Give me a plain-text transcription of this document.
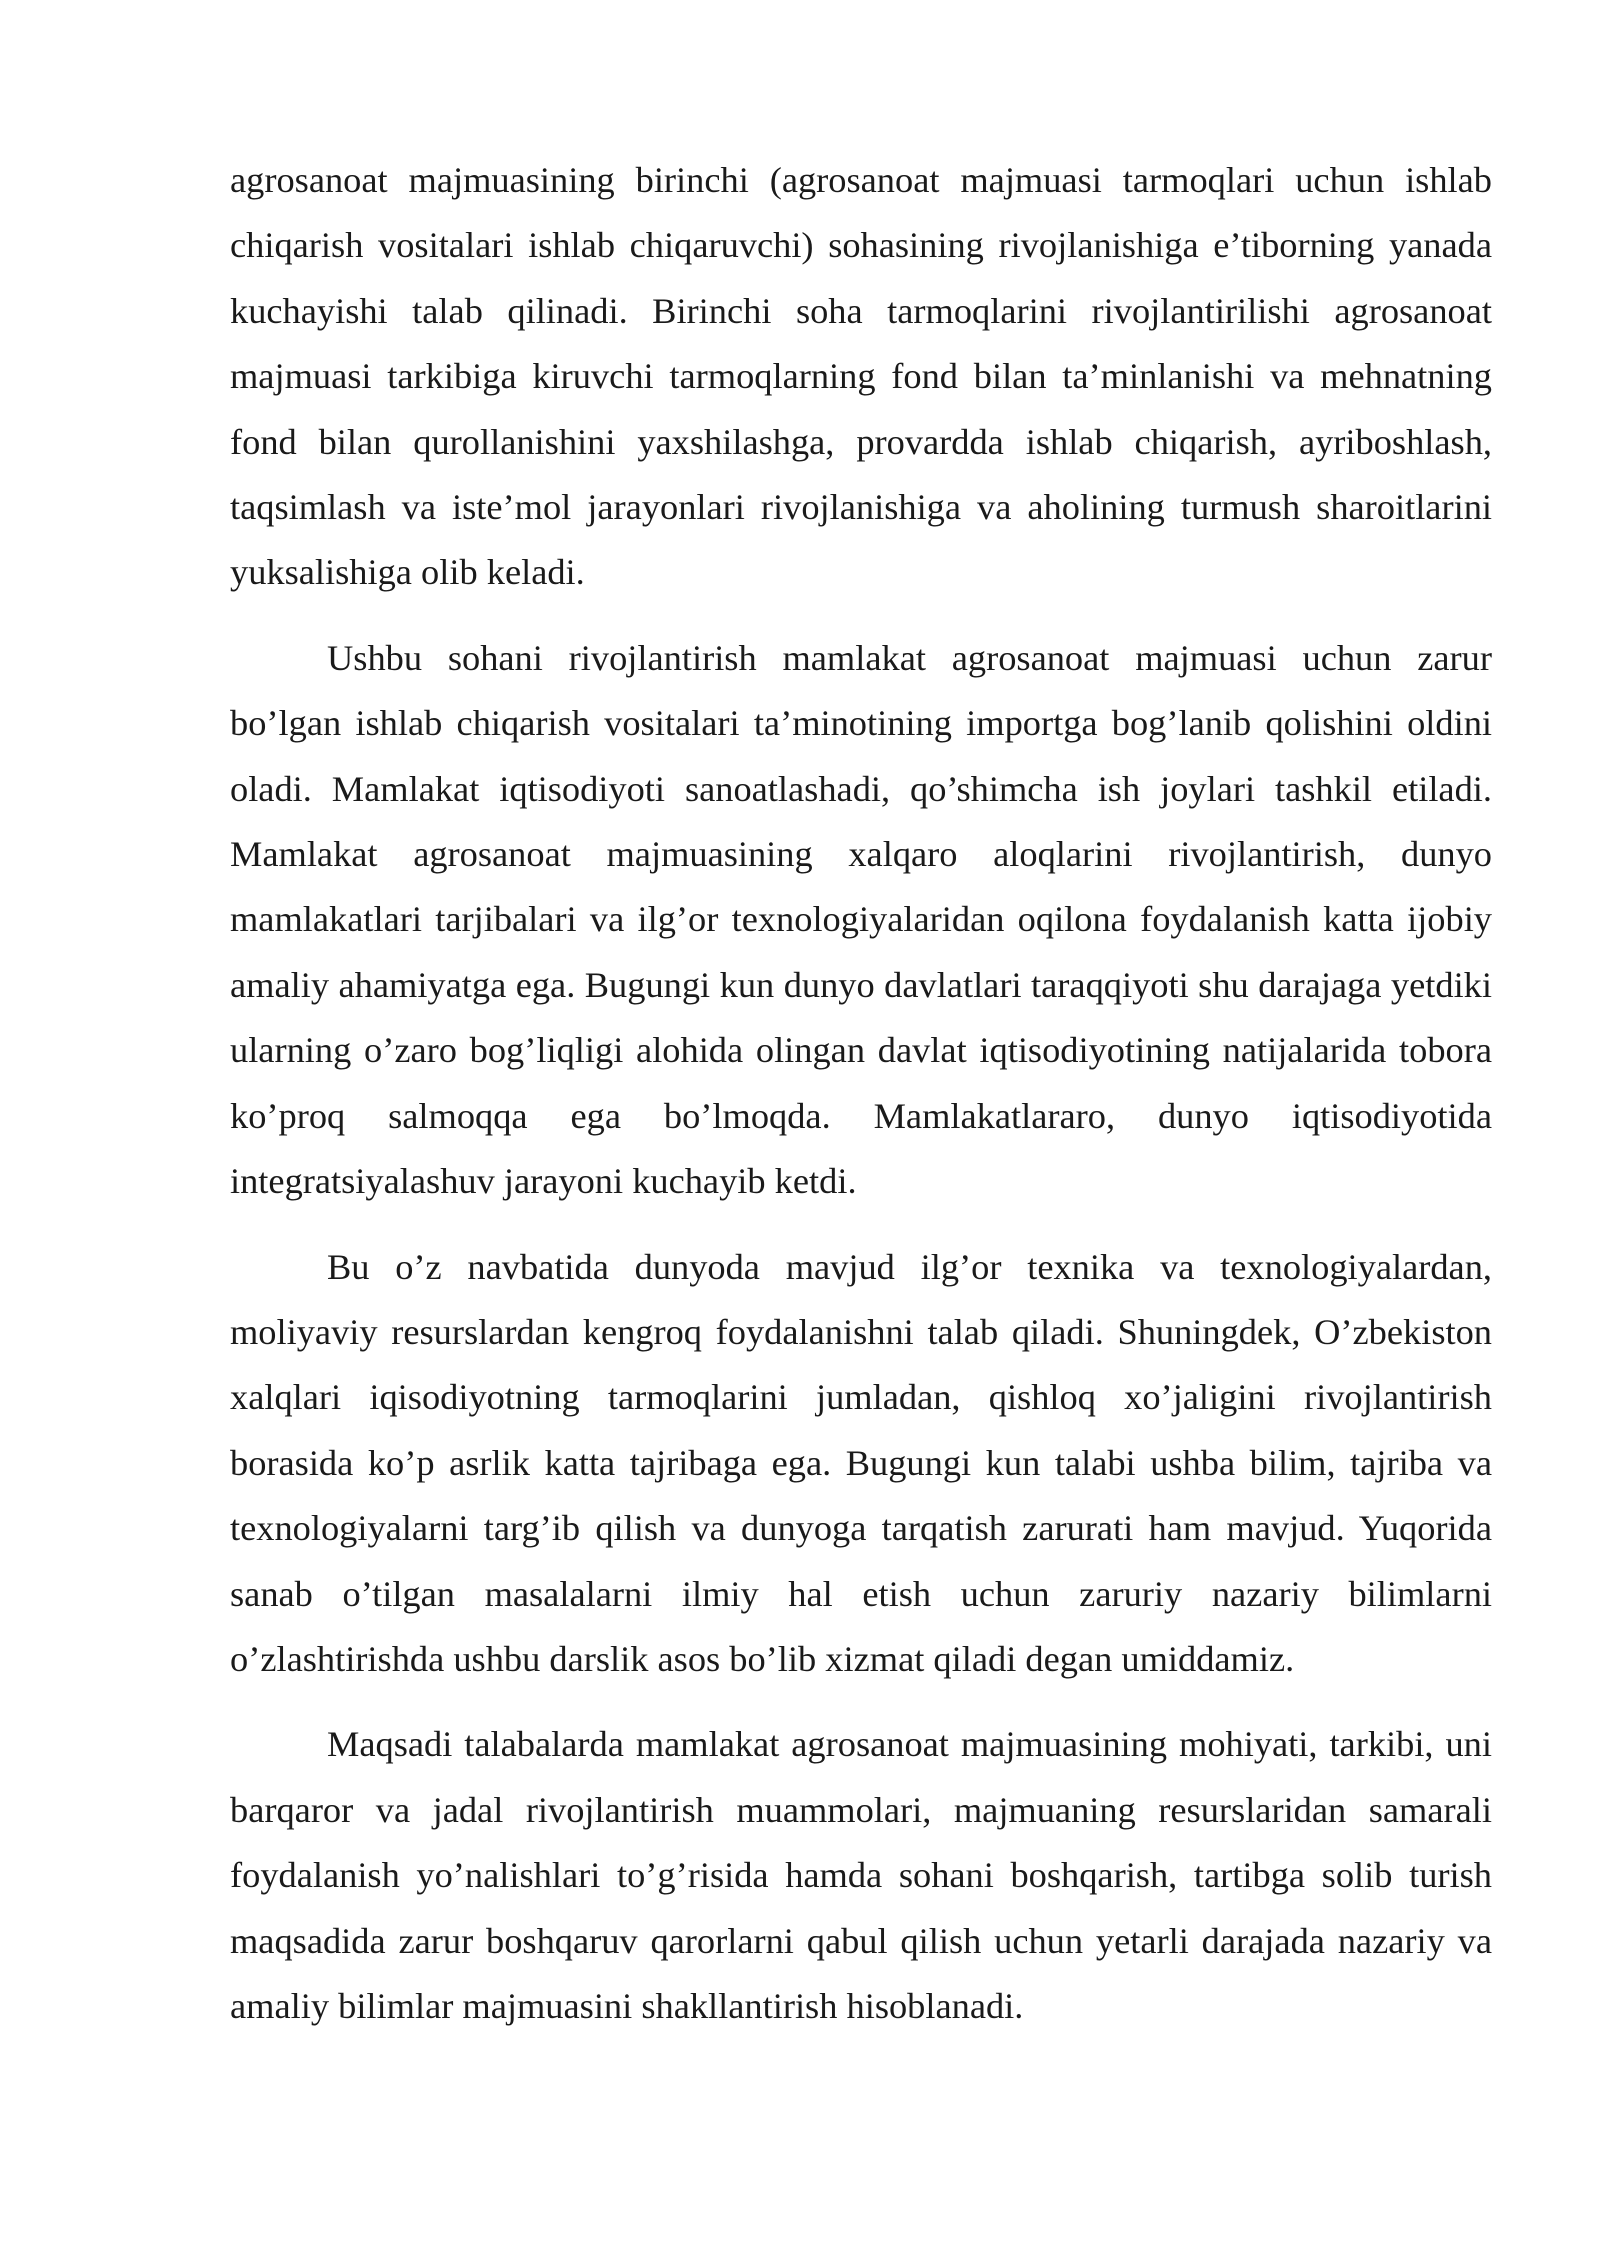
agrosanoat majmuasining birinchi (agrosanoat majmuasi tarmoqlari uchun ishlab chiqarish vositalari ishlab chiqaruvchi) sohasining rivojlanishiga e’tiborning yanada kuchayishi talab qilinadi. Birinchi soha tarmoqlarini rivojlantirilishi agrosanoat majmuasi tarkibiga kiruvchi tarmoqlarning fond bilan ta’minlanishi va mehnatning fond bilan qurollanishini yaxshilashga, provardda ishlab chiqarish, ayriboshlash, taqsimlash va iste’mol jarayonlari rivojlanishiga va aholining turmush sharoitlarini yuksalishiga olib keladi.

Ushbu sohani rivojlantirish mamlakat agrosanoat majmuasi uchun zarur bo’lgan ishlab chiqarish vositalari ta’minotining importga bog’lanib qolishini oldini oladi. Mamlakat iqtisodiyoti sanoatlashadi, qo’shimcha ish joylari tashkil etiladi. Mamlakat agrosanoat majmuasining xalqaro aloqlarini rivojlantirish, dunyo mamlakatlari tarjibalari va ilg’or texnologiyalaridan oqilona foydalanish katta ijobiy amaliy ahamiyatga ega. Bugungi kun dunyo davlatlari taraqqiyoti shu darajaga yetdiki ularning o’zaro bog’liqligi alohida olingan davlat iqtisodiyotining natijalarida tobora ko’proq salmoqqa ega bo’lmoqda. Mamlakatlararo, dunyo iqtisodiyotida integratsiyalashuv jarayoni kuchayib ketdi.

Bu o’z navbatida dunyoda mavjud ilg’or texnika va texnologiyalardan, moliyaviy resurslardan kengroq foydalanishni talab qiladi. Shuningdek, O’zbekiston xalqlari iqisodiyotning tarmoqlarini jumladan, qishloq xo’jaligini rivojlantirish borasida ko’p asrlik katta tajribaga ega. Bugungi kun talabi ushba bilim, tajriba va texnologiyalarni targ’ib qilish va dunyoga tarqatish zarurati ham mavjud. Yuqorida sanab o’tilgan masalalarni ilmiy hal etish uchun zaruriy nazariy bilimlarni o’zlashtirishda ushbu darslik asos bo’lib xizmat qiladi degan umiddamiz.

Maqsadi talabalarda mamlakat agrosanoat majmuasining mohiyati, tarkibi, uni barqaror va jadal rivojlantirish muammolari, majmuaning resurslaridan samarali foydalanish yo’nalishlari to’g’risida hamda sohani boshqarish, tartibga solib turish maqsadida zarur boshqaruv qarorlarni qabul qilish uchun yetarli darajada nazariy va amaliy bilimlar majmuasini shakllantirish hisoblanadi.
